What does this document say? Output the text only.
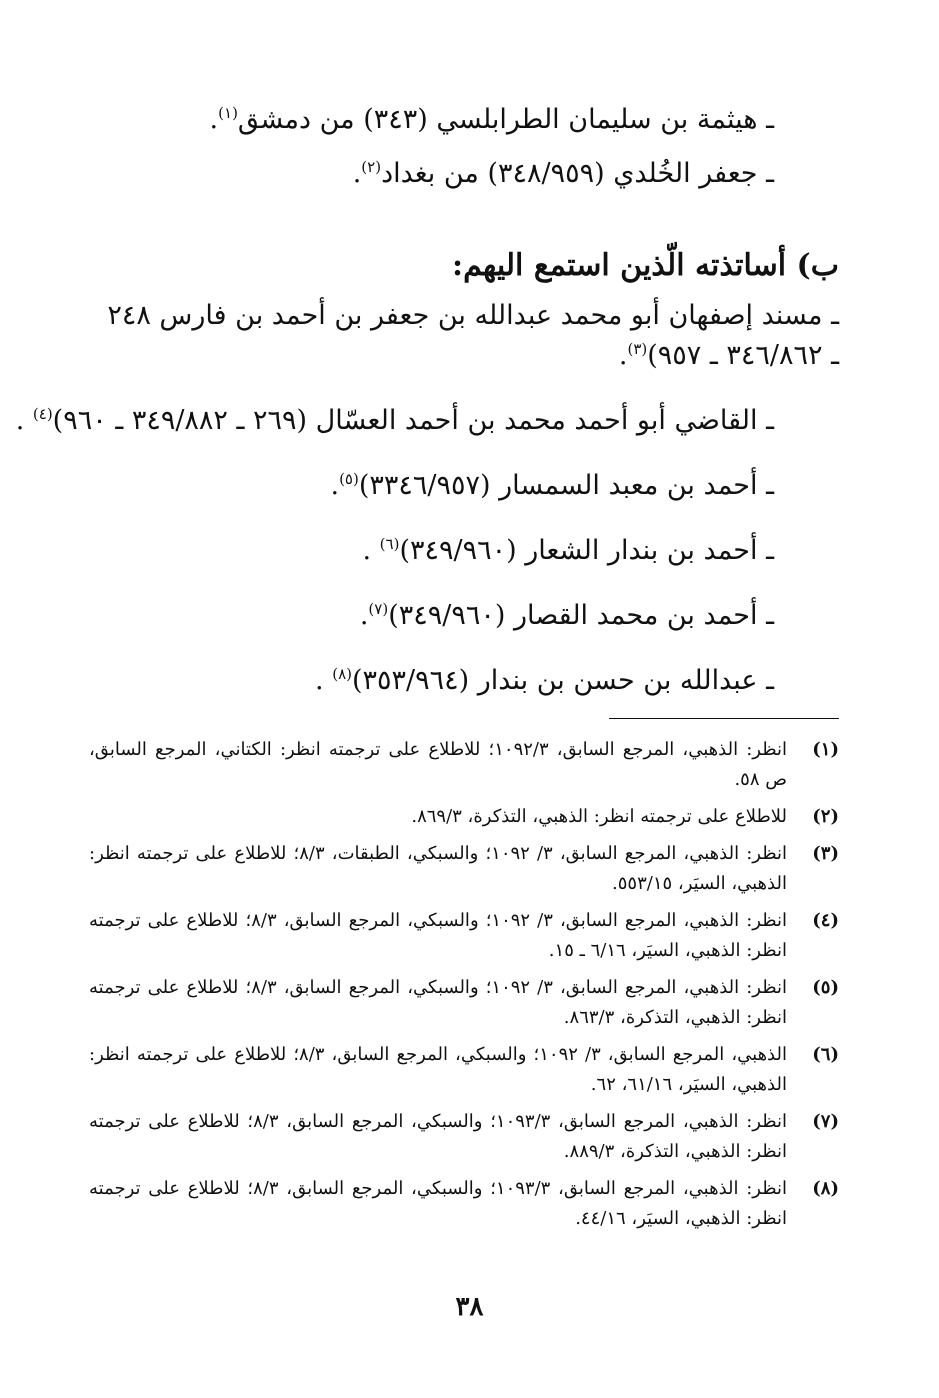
ـ هيثمة بن سليمان الطرابلسي (٣٤٣) من دمشق$^{(١)}$.

ـ جعفر الخُلدي (٣٤٨/٩٥٩) من بغداد$^{(٢)}$.

ب) أساتذته الّذين استمع اليهم:

ـ مسند إصفهان أبو محمد عبدالله بن جعفر بن أحمد بن فارس ٢٤٨ ـ ٣٤٦/٨٦٢ ـ ٩٥٧)$^{(٣)}$.

ـ القاضي أبو أحمد محمد بن أحمد العسّال (٢٦٩ ـ ٣٤٩/٨٨٢ ـ ٩٦٠)$^{(٤)}$ .

ـ أحمد بن معبد السمسار (٣٣٤٦/٩٥٧)$^{(٥)}$.

ـ أحمد بن بندار الشعار (٣٤٩/٩٦٠)$^{(٦)}$ .

ـ أحمد بن محمد القصار (٣٤٩/٩٦٠)$^{(٧)}$.

ـ عبدالله بن حسن بن بندار (٣٥٣/٩٦٤)$^{(٨)}$ .

(١)
انظر: الذهبي، المرجع السابق، ١٠٩٢/٣؛ للاطلاع على ترجمته انظر: الكتاني، المرجع السابق، ص ٥٨.
(٢)
للاطلاع على ترجمته انظر: الذهبي، التذكرة، ٨٦٩/٣.
(٣)
انظر: الذهبي، المرجع السابق، ٣/ ١٠٩٢؛ والسبكي، الطبقات، ٨/٣؛ للاطلاع على ترجمته انظر: الذهبي، السيَر، ٥٥٣/١٥.
(٤)
انظر: الذهبي، المرجع السابق، ٣/ ١٠٩٢؛ والسبكي، المرجع السابق، ٨/٣؛ للاطلاع على ترجمته انظر: الذهبي، السيَر، ٦/١٦ ـ ١٥.
(٥)
انظر: الذهبي، المرجع السابق، ٣/ ١٠٩٢؛ والسبكي، المرجع السابق، ٨/٣؛ للاطلاع على ترجمته انظر: الذهبي، التذكرة، ٨٦٣/٣.
(٦)
الذهبي، المرجع السابق، ٣/ ١٠٩٢؛ والسبكي، المرجع السابق، ٨/٣؛ للاطلاع على ترجمته انظر: الذهبي، السيَر، ٦١/١٦، ٦٢.
(٧)
انظر: الذهبي، المرجع السابق، ١٠٩٣/٣؛ والسبكي، المرجع السابق، ٨/٣؛ للاطلاع على ترجمته انظر: الذهبي، التذكرة، ٨٨٩/٣.
(٨)
انظر: الذهبي، المرجع السابق، ١٠٩٣/٣؛ والسبكي، المرجع السابق، ٨/٣؛ للاطلاع على ترجمته انظر: الذهبي، السيَر، ٤٤/١٦.
٣٨
